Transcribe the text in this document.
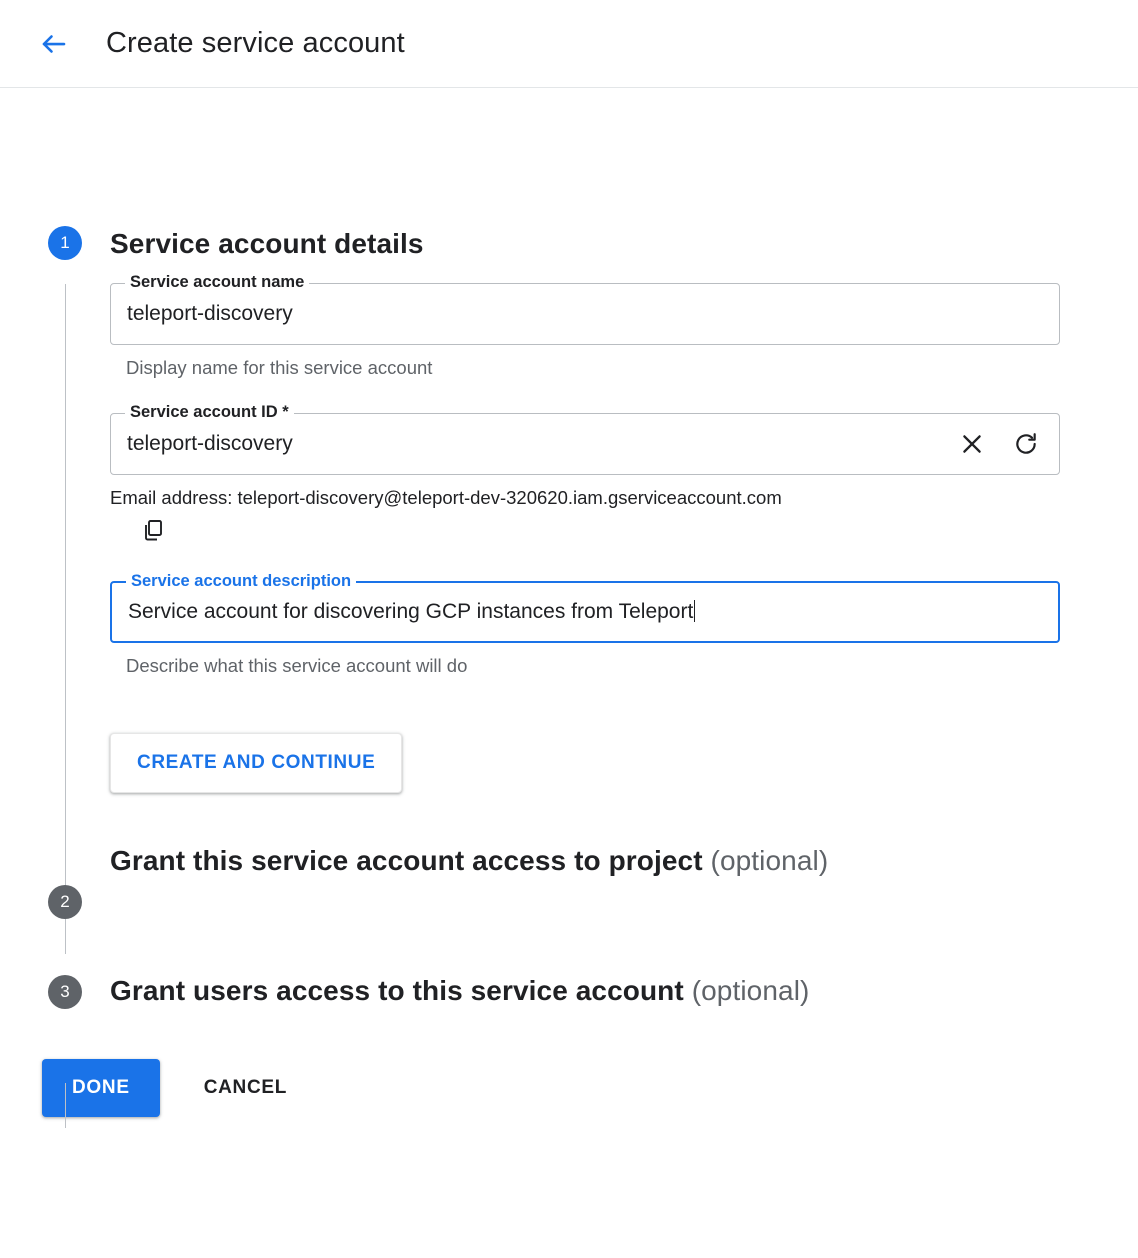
Create service account
1	Service account details
Service account name
teleport-discovery
Display name for this service account
Service account ID *
teleport-discovery
Email address: teleport-discovery@teleport-dev-320620.iam.gserviceaccount.com
Service account description
Service account for discovering GCP instances from Teleport
Describe what this service account will do
CREATE AND CONTINUE
2
Grant this service account access to project (optional)
3	Grant users access to this service account (optional)
DONE	CANCEL
